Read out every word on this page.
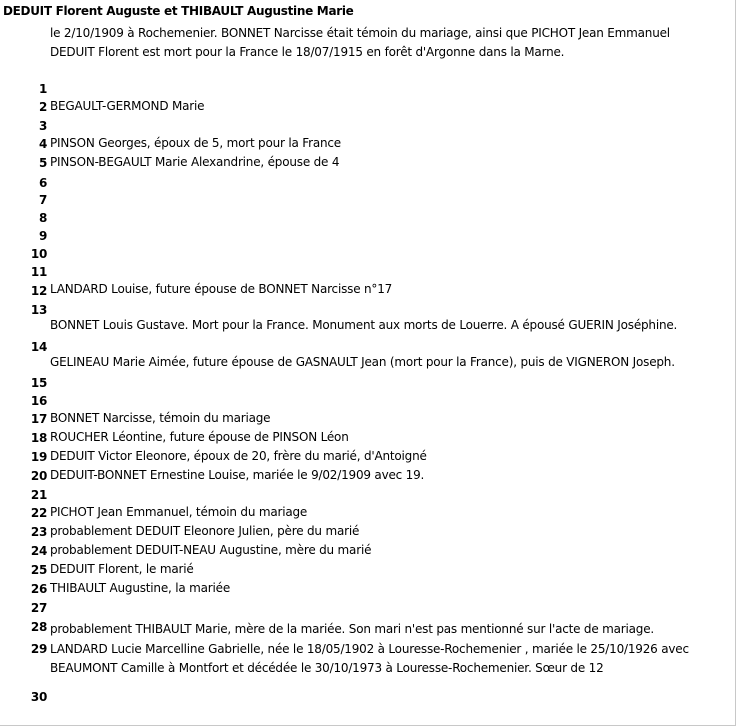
DEDUIT Florent Auguste et THIBAULT Augustine Marie
le 2/10/1909 à Rochemenier. BONNET Narcisse était témoin du mariage, ainsi que PICHOT Jean Emmanuel
DEDUIT Florent est mort pour la France le 18/07/1915 en forêt d'Argonne dans la Marne.
1
2 BEGAULT-GERMOND Marie
3
4 PINSON Georges, époux de 5, mort pour la France
5 PINSON-BEGAULT Marie Alexandrine, épouse de 4
6
7
8
9
10
11
12 LANDARD Louise, future épouse de BONNET Narcisse n°17
13
BONNET Louis Gustave. Mort pour la France. Monument aux morts de Louerre. A épousé GUERIN Joséphine.
14
GELINEAU Marie Aimée, future épouse de GASNAULT Jean (mort pour la France), puis de VIGNERON Joseph.
15
16
17 BONNET Narcisse, témoin du mariage
18 ROUCHER Léontine, future épouse de PINSON Léon
19 DEDUIT Victor Eleonore, époux de 20, frère du marié, d'Antoigné
20 DEDUIT-BONNET Ernestine Louise, mariée le 9/02/1909 avec 19.
21
22 PICHOT Jean Emmanuel, témoin du mariage
23 probablement DEDUIT Eleonore Julien, père du marié
24 probablement DEDUIT-NEAU Augustine, mère du marié
25 DEDUIT Florent, le marié
26 THIBAULT Augustine, la mariée
27
28 probablement THIBAULT Marie, mère de la mariée. Son mari n'est pas mentionné sur l'acte de mariage.
29 LANDARD Lucie Marcelline Gabrielle, née le 18/05/1902 à Louresse-Rochemenier , mariée le 25/10/1926 avec
BEAUMONT Camille à Montfort et décédée le 30/10/1973 à Louresse-Rochemenier. Sœur de 12
30
